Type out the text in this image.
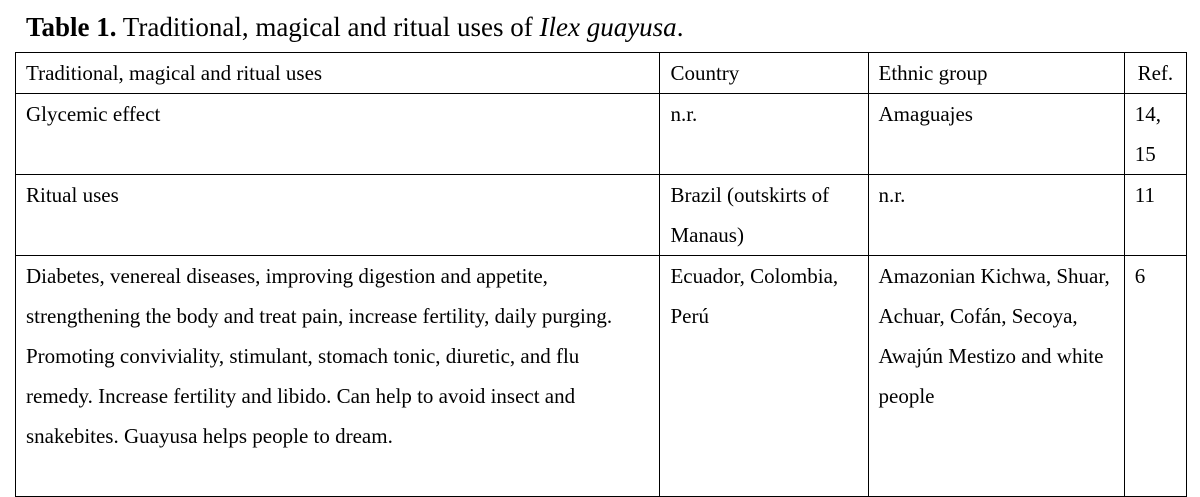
Table 1. Traditional, magical and ritual uses of Ilex guayusa.
Traditional, magical and ritual uses	Country	Ethnic group	Ref.
Glycemic effect	n.r.	Amaguajes	14, 15
Ritual uses	Brazil (outskirts of Manaus)	n.r.	11
Diabetes, venereal diseases, improving digestion and appetite, strengthening the body and treat pain, increase fertility, daily purging. Promoting conviviality, stimulant, stomach tonic, diuretic, and flu remedy. Increase fertility and libido. Can help to avoid insect and snakebites. Guayusa helps people to dream.	Ecuador, Colombia, Perú	Amazonian Kichwa, Shuar, Achuar, Cofán, Secoya, Awajún Mestizo and white people	6
